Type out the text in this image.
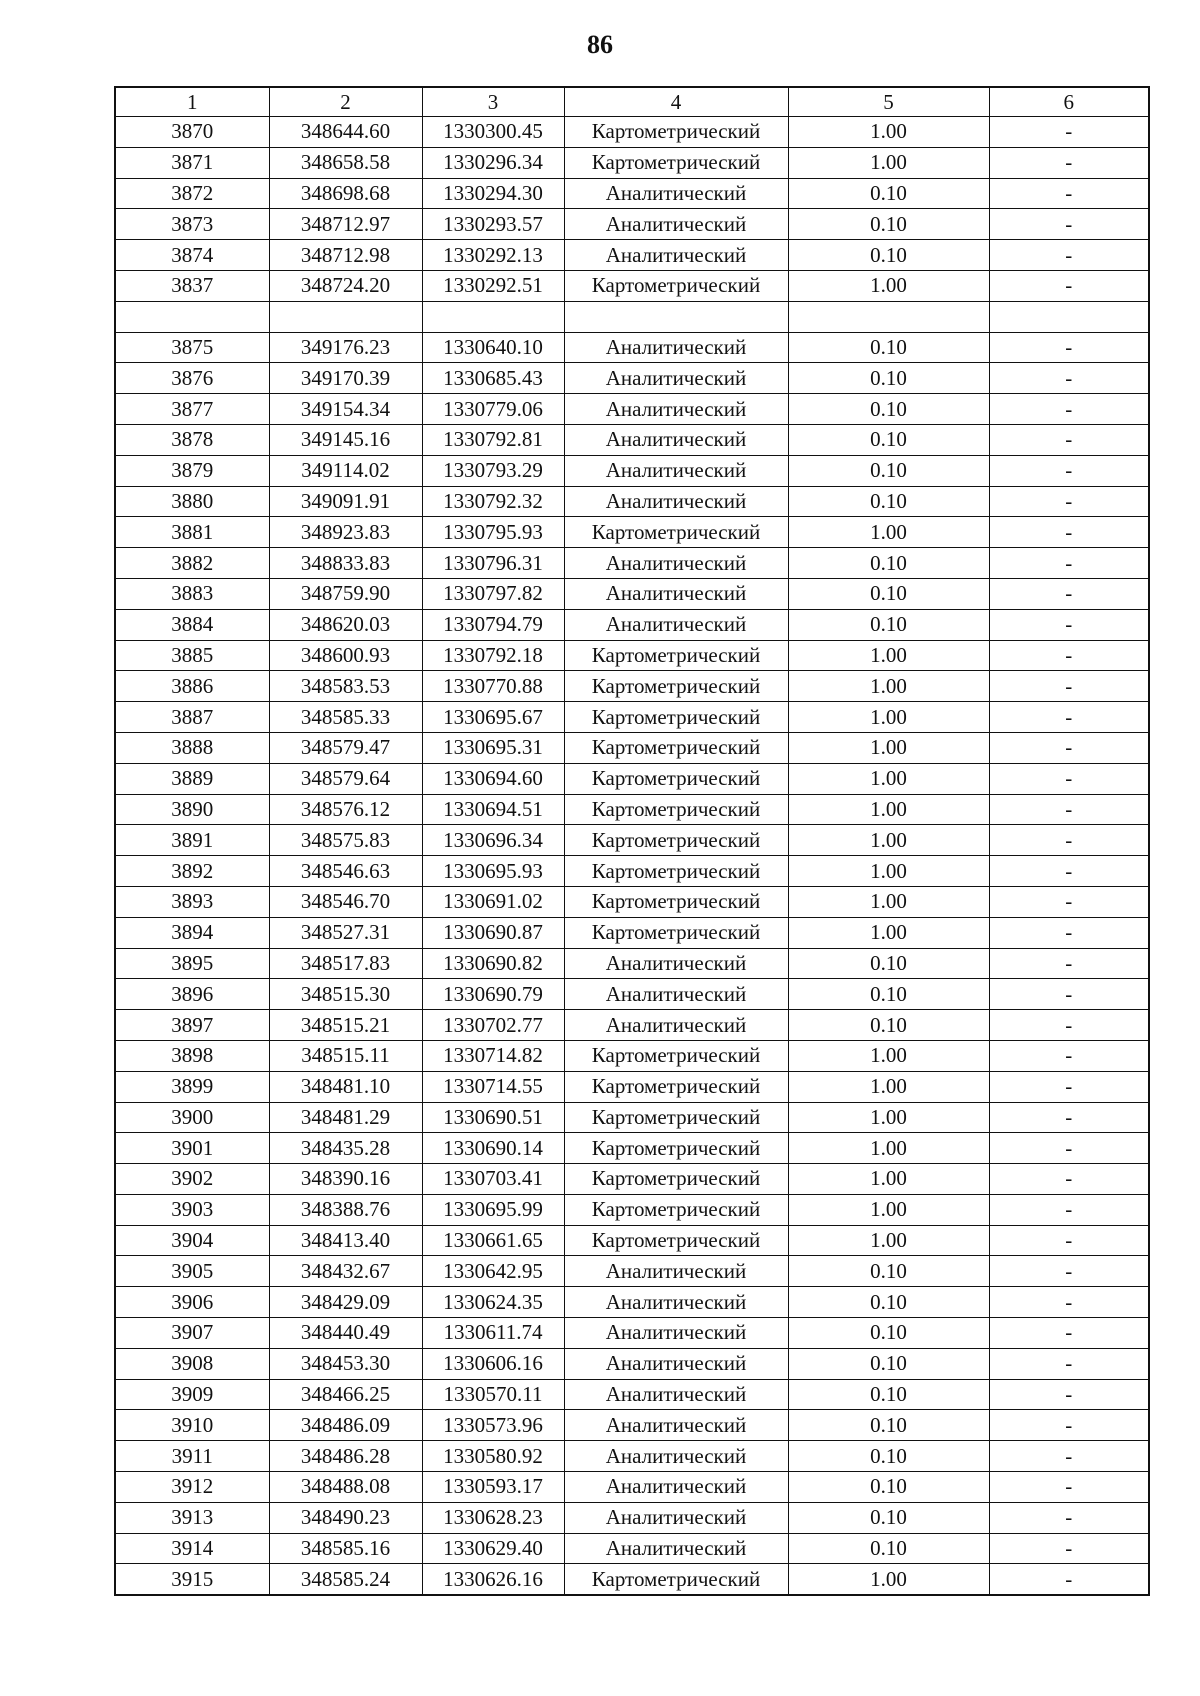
86
1	2	3	4	5	6
3870	348644.60	1330300.45	Картометрический	1.00	-
3871	348658.58	1330296.34	Картометрический	1.00	-
3872	348698.68	1330294.30	Аналитический	0.10	-
3873	348712.97	1330293.57	Аналитический	0.10	-
3874	348712.98	1330292.13	Аналитический	0.10	-
3837	348724.20	1330292.51	Картометрический	1.00	-

3875	349176.23	1330640.10	Аналитический	0.10	-
3876	349170.39	1330685.43	Аналитический	0.10	-
3877	349154.34	1330779.06	Аналитический	0.10	-
3878	349145.16	1330792.81	Аналитический	0.10	-
3879	349114.02	1330793.29	Аналитический	0.10	-
3880	349091.91	1330792.32	Аналитический	0.10	-
3881	348923.83	1330795.93	Картометрический	1.00	-
3882	348833.83	1330796.31	Аналитический	0.10	-
3883	348759.90	1330797.82	Аналитический	0.10	-
3884	348620.03	1330794.79	Аналитический	0.10	-
3885	348600.93	1330792.18	Картометрический	1.00	-
3886	348583.53	1330770.88	Картометрический	1.00	-
3887	348585.33	1330695.67	Картометрический	1.00	-
3888	348579.47	1330695.31	Картометрический	1.00	-
3889	348579.64	1330694.60	Картометрический	1.00	-
3890	348576.12	1330694.51	Картометрический	1.00	-
3891	348575.83	1330696.34	Картометрический	1.00	-
3892	348546.63	1330695.93	Картометрический	1.00	-
3893	348546.70	1330691.02	Картометрический	1.00	-
3894	348527.31	1330690.87	Картометрический	1.00	-
3895	348517.83	1330690.82	Аналитический	0.10	-
3896	348515.30	1330690.79	Аналитический	0.10	-
3897	348515.21	1330702.77	Аналитический	0.10	-
3898	348515.11	1330714.82	Картометрический	1.00	-
3899	348481.10	1330714.55	Картометрический	1.00	-
3900	348481.29	1330690.51	Картометрический	1.00	-
3901	348435.28	1330690.14	Картометрический	1.00	-
3902	348390.16	1330703.41	Картометрический	1.00	-
3903	348388.76	1330695.99	Картометрический	1.00	-
3904	348413.40	1330661.65	Картометрический	1.00	-
3905	348432.67	1330642.95	Аналитический	0.10	-
3906	348429.09	1330624.35	Аналитический	0.10	-
3907	348440.49	1330611.74	Аналитический	0.10	-
3908	348453.30	1330606.16	Аналитический	0.10	-
3909	348466.25	1330570.11	Аналитический	0.10	-
3910	348486.09	1330573.96	Аналитический	0.10	-
3911	348486.28	1330580.92	Аналитический	0.10	-
3912	348488.08	1330593.17	Аналитический	0.10	-
3913	348490.23	1330628.23	Аналитический	0.10	-
3914	348585.16	1330629.40	Аналитический	0.10	-
3915	348585.24	1330626.16	Картометрический	1.00	-
